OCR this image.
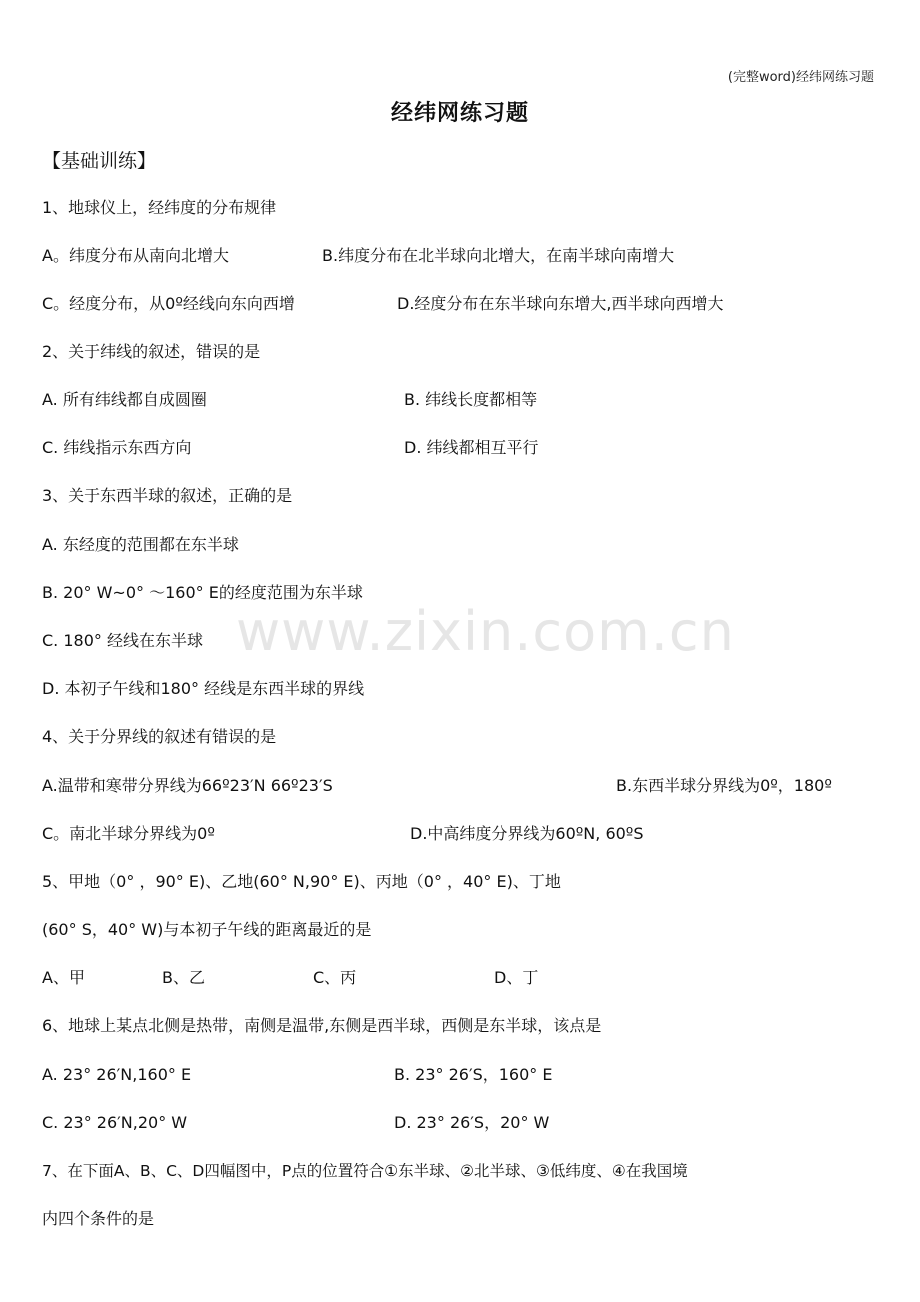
(完整word)经纬网练习题
经纬网练习题
【基础训练】
www.zixin.com.cn
1、地球仪上，经纬度的分布规律
A。纬度分布从南向北增大	B.纬度分布在北半球向北增大，在南半球向南增大
C。经度分布，从0º经线向东向西增	D.经度分布在东半球向东增大,西半球向西增大
2、关于纬线的叙述，错误的是
A. 所有纬线都自成圆圈	B. 纬线长度都相等
C. 纬线指示东西方向	D. 纬线都相互平行
3、关于东西半球的叙述，正确的是
A. 东经度的范围都在东半球
B. 20° W~0° ～160° E的经度范围为东半球
C. 180° 经线在东半球
D. 本初子午线和180° 经线是东西半球的界线
4、关于分界线的叙述有错误的是
A.温带和寒带分界线为66º23′N 66º23′S	B.东西半球分界线为0º，180º
C。南北半球分界线为0º	D.中高纬度分界线为60ºN, 60ºS
5、甲地（0° ，90° E)、乙地(60° N,90° E)、丙地（0° ，40° E)、丁地
(60° S，40° W)与本初子午线的距离最近的是
A、甲	B、乙	C、丙	D、丁
6、地球上某点北侧是热带，南侧是温带,东侧是西半球，西侧是东半球，该点是
A. 23° 26′N,160° E	B. 23° 26′S，160° E
C. 23° 26′N,20° W	D. 23° 26′S，20° W
7、在下面A、B、C、D四幅图中，P点的位置符合①东半球、②北半球、③低纬度、④在我国境
内四个条件的是
